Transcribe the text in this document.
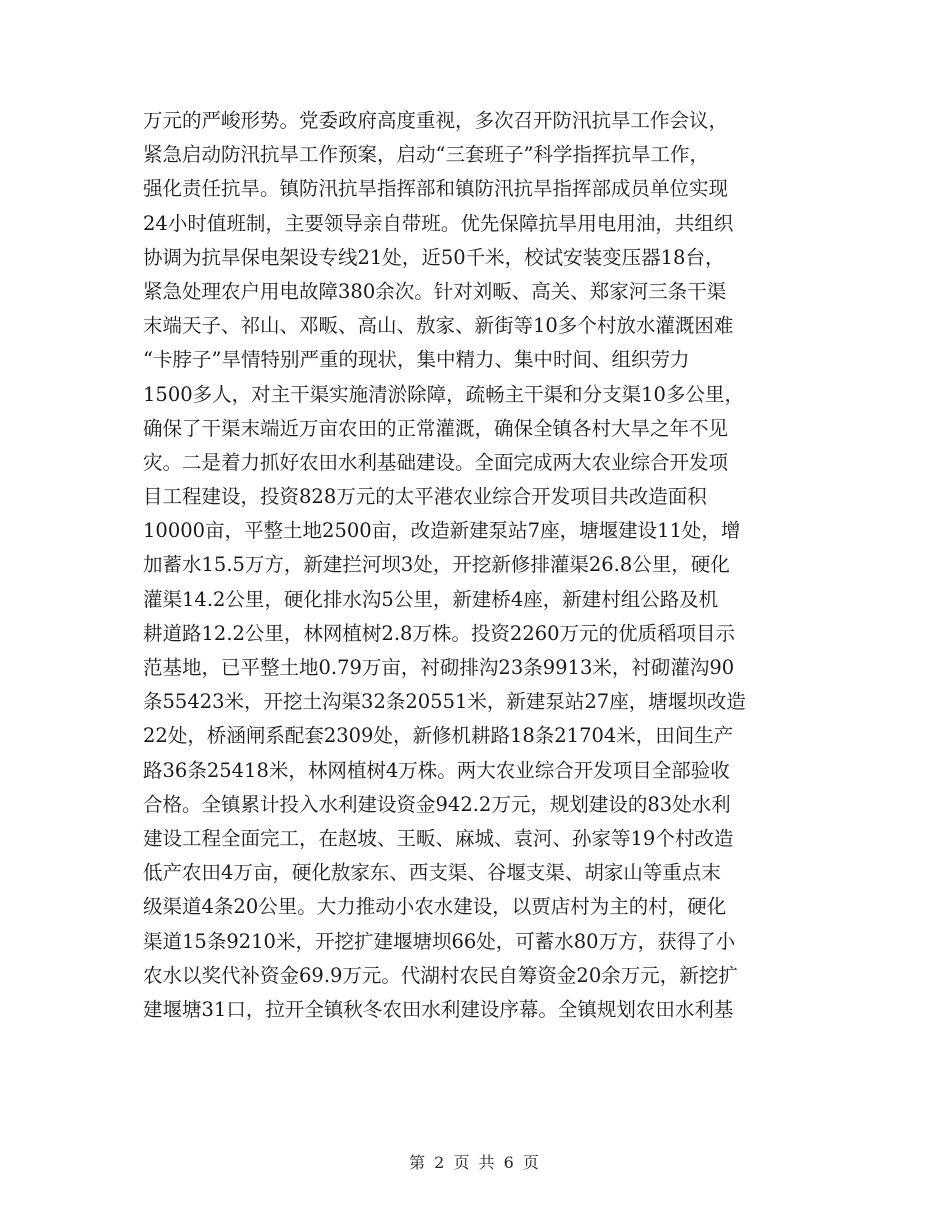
万元的严峻形势。党委政府高度重视，多次召开防汛抗旱工作会议，
紧急启动防汛抗旱工作预案，启动“三套班子”科学指挥抗旱工作，
强化责任抗旱。镇防汛抗旱指挥部和镇防汛抗旱指挥部成员单位实现
24小时值班制，主要领导亲自带班。优先保障抗旱用电用油，共组织
协调为抗旱保电架设专线21处，近50千米，校试安装变压器18台，
紧急处理农户用电故障380余次。针对刘畈、高关、郑家河三条干渠
末端天子、祁山、邓畈、高山、敖家、新街等10多个村放水灌溉困难
“卡脖子”旱情特别严重的现状，集中精力、集中时间、组织劳力
1500多人，对主干渠实施清淤除障，疏畅主干渠和分支渠10多公里，
确保了干渠末端近万亩农田的正常灌溉，确保全镇各村大旱之年不见
灾。二是着力抓好农田水利基础建设。全面完成两大农业综合开发项
目工程建设，投资828万元的太平港农业综合开发项目共改造面积
10000亩，平整土地2500亩，改造新建泵站7座，塘堰建设11处，增
加蓄水15.5万方，新建拦河坝3处，开挖新修排灌渠26.8公里，硬化
灌渠14.2公里，硬化排水沟5公里，新建桥4座，新建村组公路及机
耕道路12.2公里，林网植树2.8万株。投资2260万元的优质稻项目示
范基地，已平整土地0.79万亩，衬砌排沟23条9913米，衬砌灌沟90
条55423米，开挖土沟渠32条20551米，新建泵站27座，塘堰坝改造
22处，桥涵闸系配套2309处，新修机耕路18条21704米，田间生产
路36条25418米，林网植树4万株。两大农业综合开发项目全部验收
合格。全镇累计投入水利建设资金942.2万元，规划建设的83处水利
建设工程全面完工，在赵坡、王畈、麻城、袁河、孙家等19个村改造
低产农田4万亩，硬化敖家东、西支渠、谷堰支渠、胡家山等重点末
级渠道4条20公里。大力推动小农水建设，以贾店村为主的村，硬化
渠道15条9210米，开挖扩建堰塘坝66处，可蓄水80万方，获得了小
农水以奖代补资金69.9万元。代湖村农民自筹资金20余万元，新挖扩
建堰塘31口，拉开全镇秋冬农田水利建设序幕。全镇规划农田水利基
第 2 页 共 6 页
